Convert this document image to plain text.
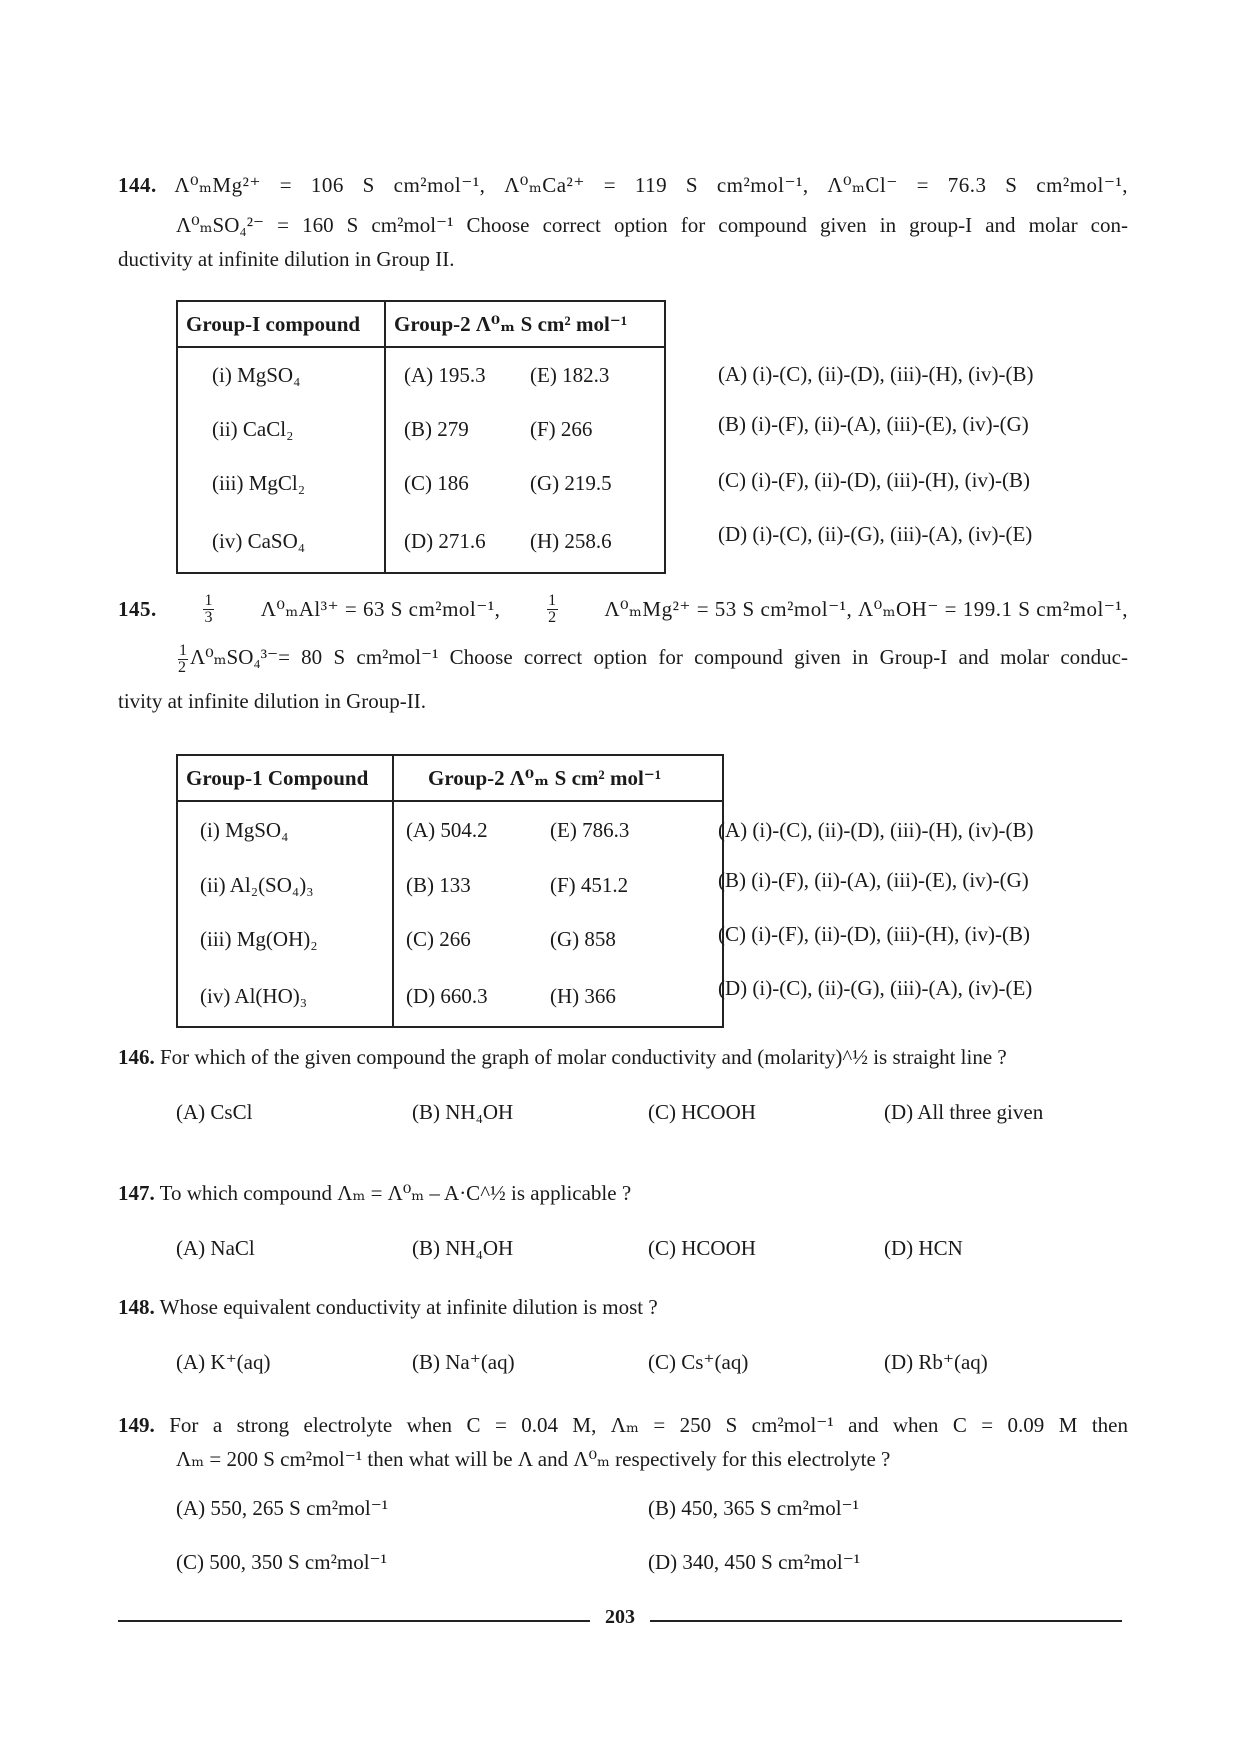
144. Λ⁰ₘMg²⁺ = 106 S cm²mol⁻¹, Λ⁰ₘCa²⁺ = 119 S cm²mol⁻¹, Λ⁰ₘCl⁻ = 76.3 S cm²mol⁻¹,
Λ⁰ₘSO₄²⁻ = 160 S cm²mol⁻¹ Choose correct option for compound given in group-I and molar con-
ductivity at infinite dilution in Group II.
Group-I compound	Group-2 Λ⁰ₘ S cm² mol⁻¹
(i) MgSO₄	(A) 195.3 (E) 182.3
(ii) CaCl₂	(B) 279 (F) 266
(iii) MgCl₂	(C) 186 (G) 219.5
(iv) CaSO₄	(D) 271.6 (H) 258.6
(A) (i)-(C), (ii)-(D), (iii)-(H), (iv)-(B)
(B) (i)-(F), (ii)-(A), (iii)-(E), (iv)-(G)
(C) (i)-(F), (ii)-(D), (iii)-(H), (iv)-(B)
(D) (i)-(C), (ii)-(G), (iii)-(A), (iv)-(E)
145.	$\frac{1}{3} \Lambda^0_mAl^{3+} = 63$ S cm²mol⁻¹,	$\frac{1}{2} \Lambda^0_mMg^{2+} = 53$ S cm²mol⁻¹, Λ⁰ₘOH⁻ = 199.1 S cm²mol⁻¹,
$\frac{1}{2} \Lambda^0_mSO_4^{3-}= 80$ S cm²mol⁻¹ Choose correct option for compound given in Group-I and molar conduc-
tivity at infinite dilution in Group-II.
Group-1 Compound	Group-2 Λ⁰ₘ S cm² mol⁻¹
(i) MgSO₄	(A) 504.2 (E) 786.3
(ii) Al₂(SO₄)₃	(B) 133 (F) 451.2
(iii) Mg(OH)₂	(C) 266 (G) 858
(iv) Al(HO)₃	(D) 660.3 (H) 366
(A) (i)-(C), (ii)-(D), (iii)-(H), (iv)-(B)
(B) (i)-(F), (ii)-(A), (iii)-(E), (iv)-(G)
(C) (i)-(F), (ii)-(D), (iii)-(H), (iv)-(B)
(D) (i)-(C), (ii)-(G), (iii)-(A), (iv)-(E)
146. For which of the given compound the graph of molar conductivity and (molarity)^½ is straight line ?
(A) CsCl	(B) NH₄OH	(C) HCOOH	(D) All three given
147. To which compound Λₘ = Λ⁰ₘ – A·C^½ is applicable ?
(A) NaCl	(B) NH₄OH	(C) HCOOH	(D) HCN
148. Whose equivalent conductivity at infinite dilution is most ?
(A) K⁺(aq)	(B) Na⁺(aq)	(C) Cs⁺(aq)	(D) Rb⁺(aq)
149. For a strong electrolyte when C = 0.04 M, Λₘ = 250 S cm²mol⁻¹ and when C = 0.09 M then
Λₘ = 200 S cm²mol⁻¹ then what will be Λ and Λ⁰ₘ respectively for this electrolyte ?
(A) 550, 265 S cm²mol⁻¹	(B) 450, 365 S cm²mol⁻¹
(C) 500, 350 S cm²mol⁻¹	(D) 340, 450 S cm²mol⁻¹
203
